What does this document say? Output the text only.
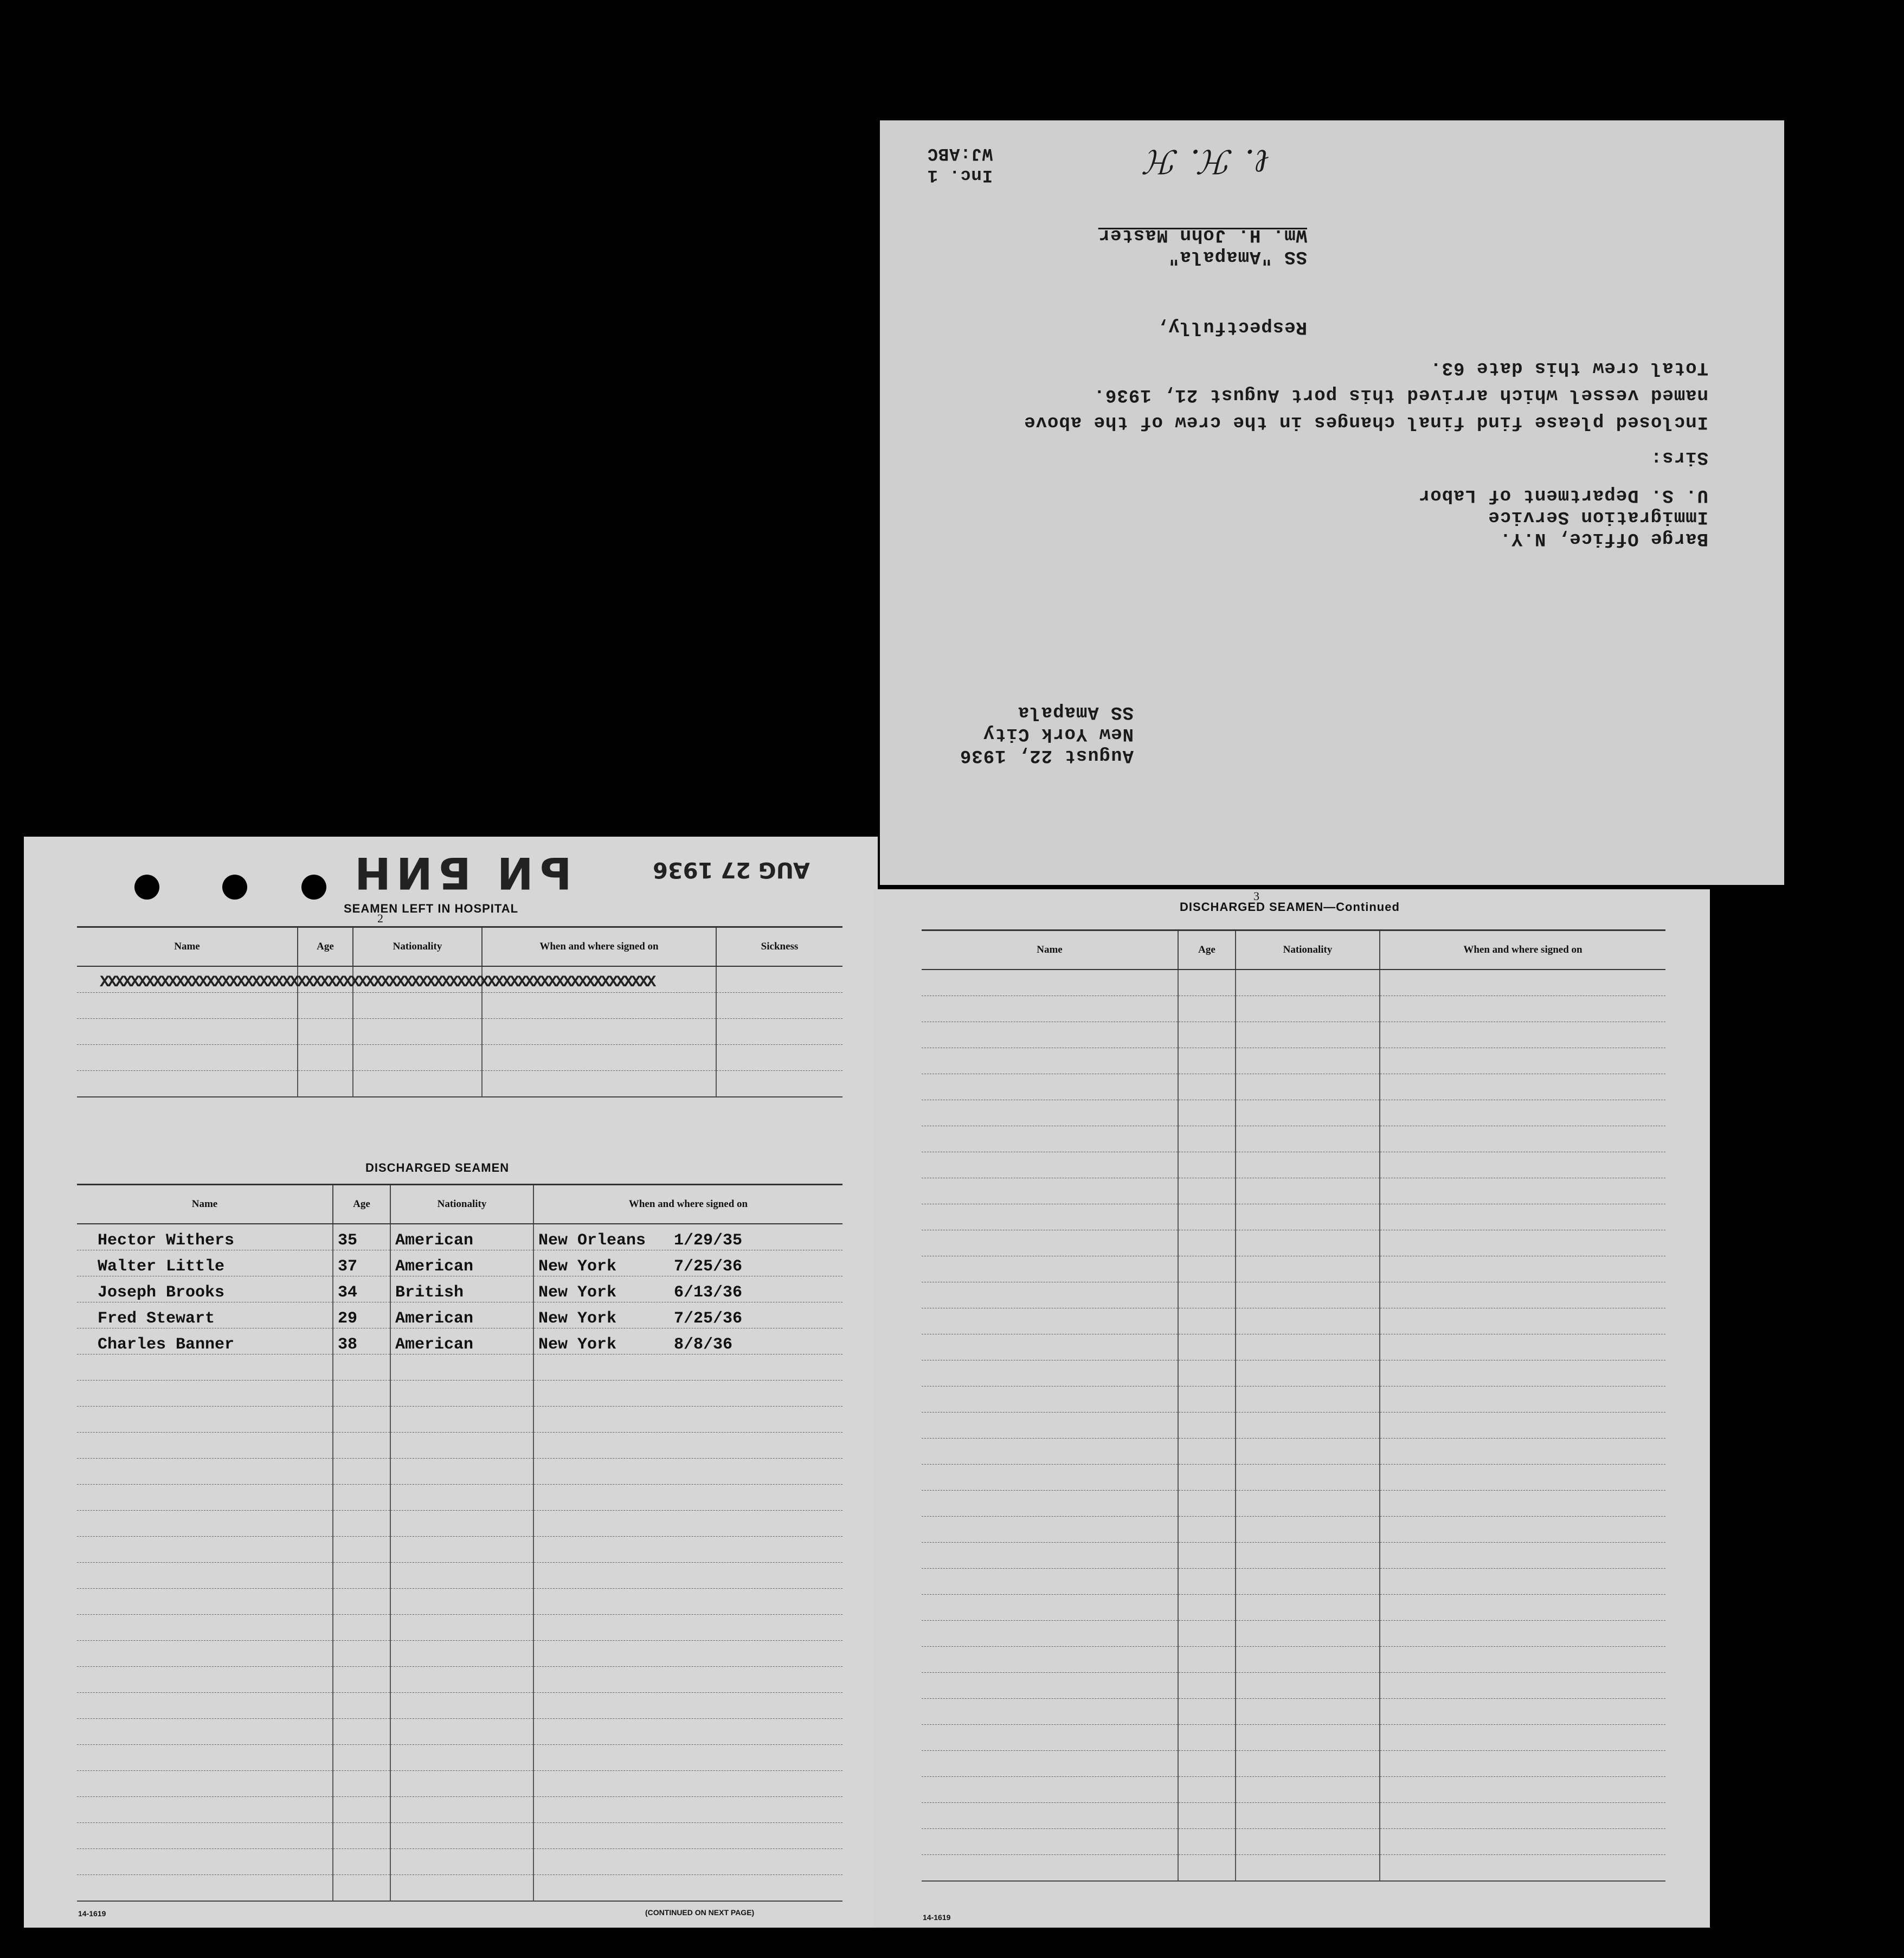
WJ:ABC
Inc. 1
Wm. H. John Master
SS "Amapala"
ℓ. ℋ. ℋ
Respectfully,
Total crew this date 63.
named vessel which arrived this port August 21, 1936.
Inclosed please find final changes in the crew of the above
Sirs:
U. S. Department of Labor
Immigration Service
Barge Office, N.Y.
SS Amapala
New York City
August 22, 1936
ЬИ БИН	AUG 27 1936
2
SEAMEN LEFT IN HOSPITAL
Name	Age	Nationality	When and where signed on	Sickness

XXXXXXXXXXXXXXXXXXXXXXXXXXXXXXXXXXXXXXXXXXXXXXXXXXXXXXXXXXXXXXXXXXXXXXXXX
DISCHARGED SEAMEN
Name	Age	Nationality	When and where signed on
Hector Withers	35	American	New Orleans 1/29/35
Walter Little	37	American	New York 7/25/36
Joseph Brooks	34	British	New York 6/13/36
Fred Stewart	29	American	New York 7/25/36
Charles Banner	38	American	New York 8/8/36

14-1619	(CONTINUED ON NEXT PAGE)
3
DISCHARGED SEAMEN—Continued
Name	Age	Nationality	When and where signed on

14-1619
